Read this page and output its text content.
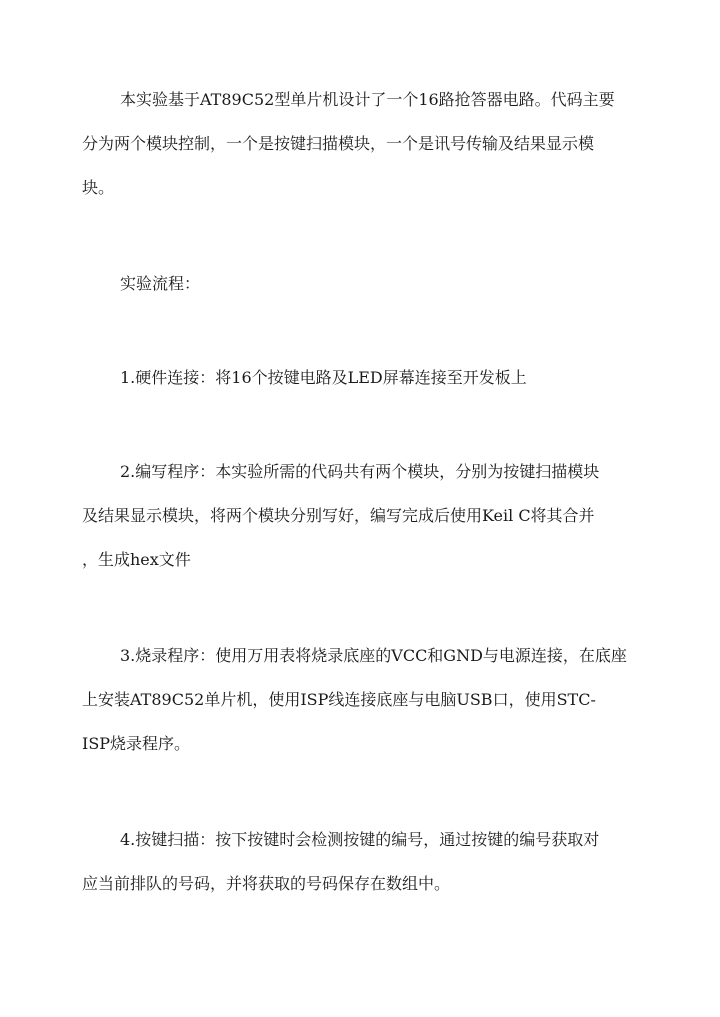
本实验基于AT89C52型单片机设计了一个16路抢答器电路。代码主要
分为两个模块控制，一个是按键扫描模块，一个是讯号传输及结果显示模
块。
实验流程：
1.硬件连接：将16个按键电路及LED屏幕连接至开发板上
2.编写程序：本实验所需的代码共有两个模块，分别为按键扫描模块
及结果显示模块，将两个模块分别写好，编写完成后使用Keil C将其合并
，生成hex文件
3.烧录程序：使用万用表将烧录底座的VCC和GND与电源连接，在底座
上安装AT89C52单片机，使用ISP线连接底座与电脑USB口，使用STC-
ISP烧录程序。
4.按键扫描：按下按键时会检测按键的编号，通过按键的编号获取对
应当前排队的号码，并将获取的号码保存在数组中。
